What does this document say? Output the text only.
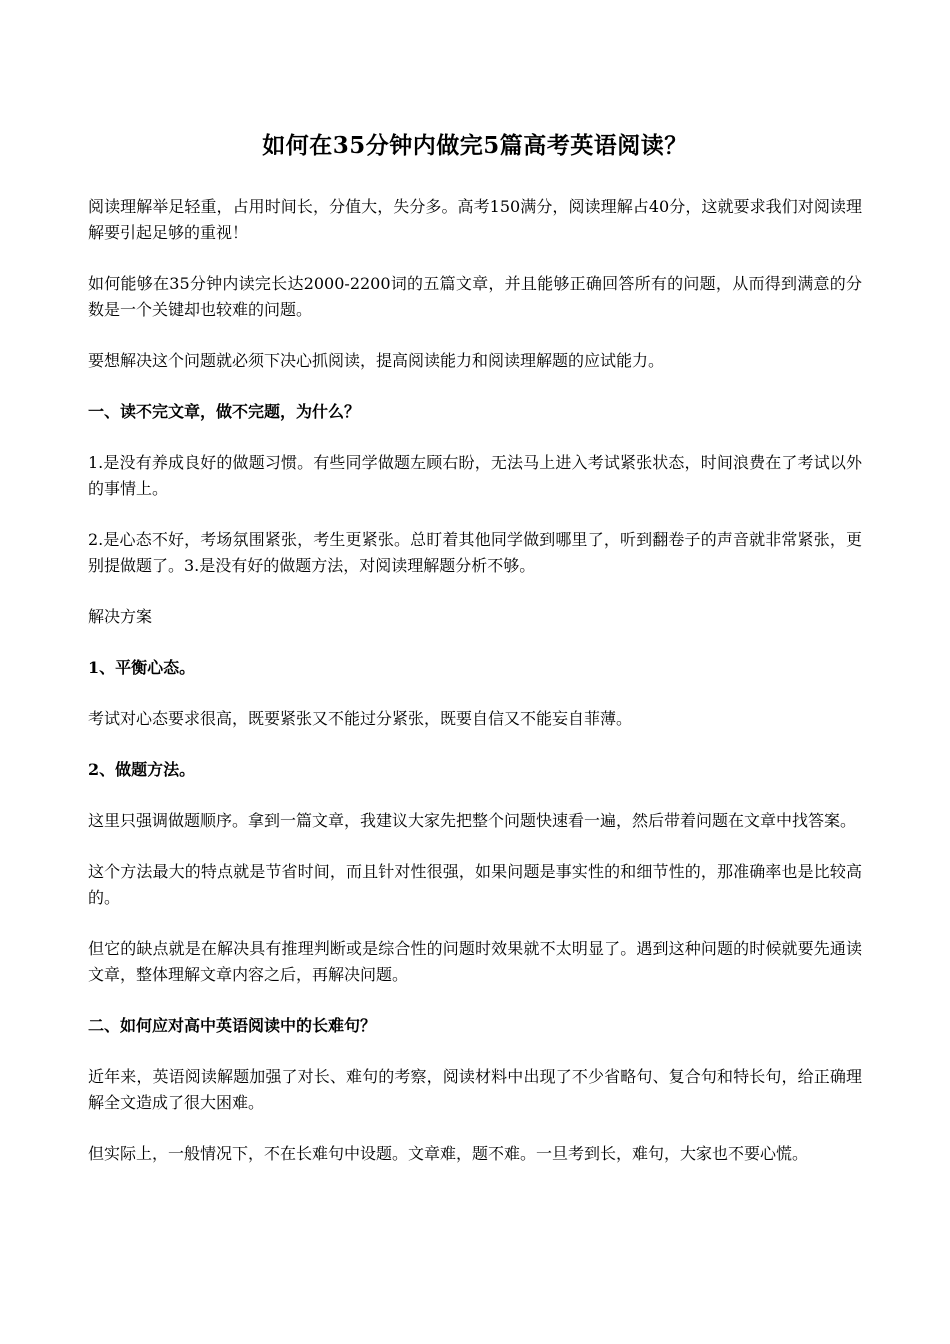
如何在35分钟内做完5篇高考英语阅读？

阅读理解举足轻重，占用时间长，分值大，失分多。高考150满分，阅读理解占40分，这就要求我们对阅读理解要引起足够的重视！

如何能够在35分钟内读完长达2000-2200词的五篇文章，并且能够正确回答所有的问题，从而得到满意的分数是一个关键却也较难的问题。

要想解决这个问题就必须下决心抓阅读，提高阅读能力和阅读理解题的应试能力。

一、读不完文章，做不完题，为什么？

1.是没有养成良好的做题习惯。有些同学做题左顾右盼，无法马上进入考试紧张状态，时间浪费在了考试以外的事情上。

2.是心态不好，考场氛围紧张，考生更紧张。总盯着其他同学做到哪里了，听到翻卷子的声音就非常紧张，更别提做题了。3.是没有好的做题方法，对阅读理解题分析不够。

解决方案

1、平衡心态。

考试对心态要求很高，既要紧张又不能过分紧张，既要自信又不能妄自菲薄。

2、做题方法。

这里只强调做题顺序。拿到一篇文章，我建议大家先把整个问题快速看一遍，然后带着问题在文章中找答案。

这个方法最大的特点就是节省时间，而且针对性很强，如果问题是事实性的和细节性的，那准确率也是比较高的。

但它的缺点就是在解决具有推理判断或是综合性的问题时效果就不太明显了。遇到这种问题的时候就要先通读文章，整体理解文章内容之后，再解决问题。

二、如何应对高中英语阅读中的长难句？

近年来，英语阅读解题加强了对长、难句的考察，阅读材料中出现了不少省略句、复合句和特长句，给正确理解全文造成了很大困难。

但实际上，一般情况下，不在长难句中设题。文章难，题不难。一旦考到长，难句，大家也不要心慌。
